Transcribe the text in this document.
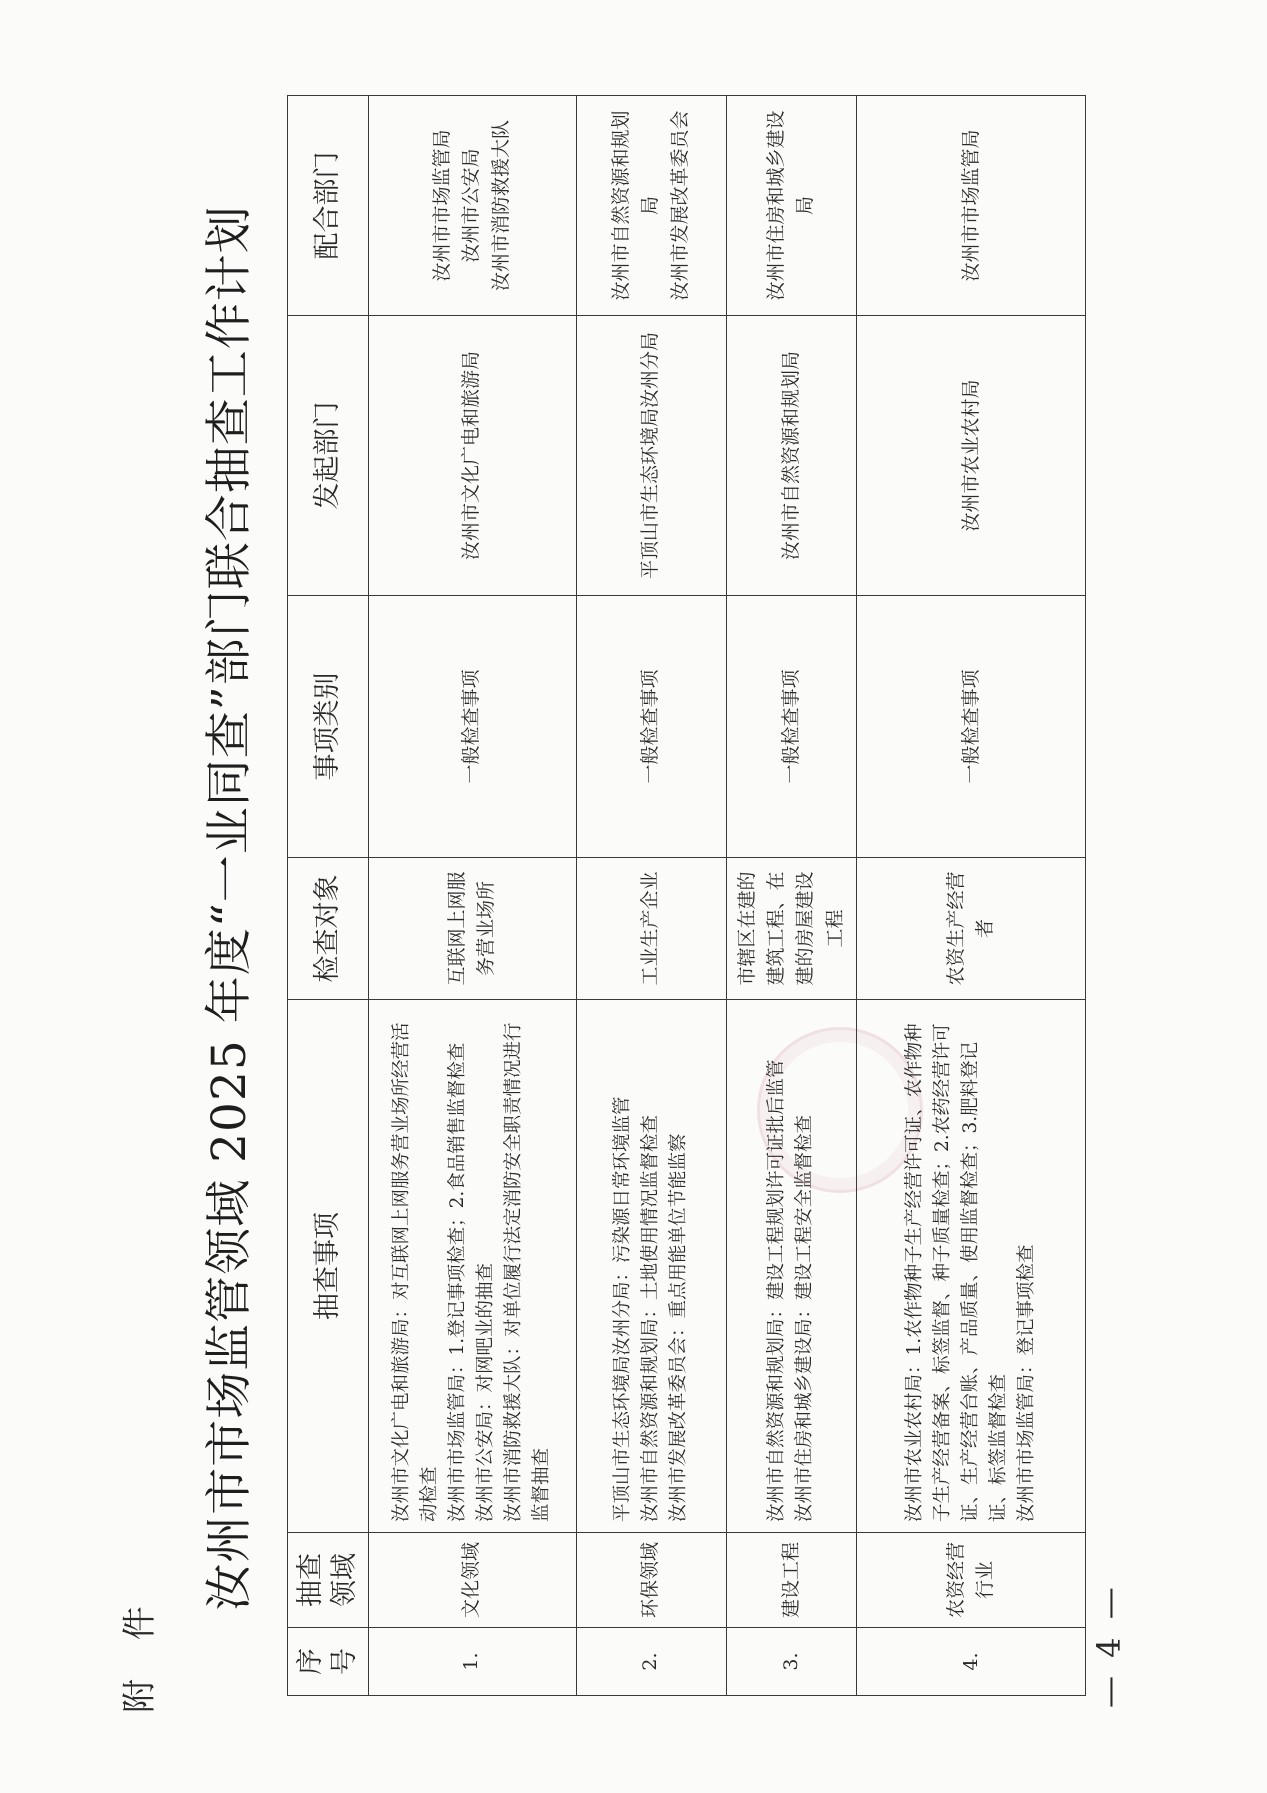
附 件
汝州市市场监管领域 2025 年度“一业同查”部门联合抽查工作计划
序号	抽查领域	抽查事项	检查对象	事项类别	发起部门	配合部门
1.	文化领域	汝州市文化广电和旅游局：对互联网上网服务营业场所经营活动检查 汝州市市场监管局：1.登记事项检查；2.食品销售监督检查 汝州市公安局：对网吧业的抽查 汝州市消防救援大队：对单位履行法定消防安全职责情况进行监督抽查	互联网上网服务营业场所	一般检查事项	汝州市文化广电和旅游局	汝州市市场监管局 汝州市公安局 汝州市消防救援大队

2.	环保领域	平顶山市生态环境局汝州分局：污染源日常环境监管 汝州市自然资源和规划局：土地使用情况监督检查 汝州市发展改革委员会：重点用能单位节能监察	工业生产企业	一般检查事项	平顶山市生态环境局汝州分局	汝州市自然资源和规划局 汝州市发展改革委员会

3.	建设工程	汝州市自然资源和规划局：建设工程规划许可证批后监管 汝州市住房和城乡建设局：建设工程安全监督检查	市辖区在建的建筑工程、在建的房屋建设工程	一般检查事项	汝州市自然资源和规划局	汝州市住房和城乡建设局

4.	农资经营行业	汝州市农业农村局：1.农作物种子生产经营许可证、农作物种子生产经营备案、标签监督、种子质量检查；2.农药经营许可证、生产经营台账、产品质量、使用监督检查；3.肥料登记证、标签监督检查 汝州市市场监管局：登记事项检查	农资生产经营者	一般检查事项	汝州市农业农村局	汝州市市场监管局
— 4 —
